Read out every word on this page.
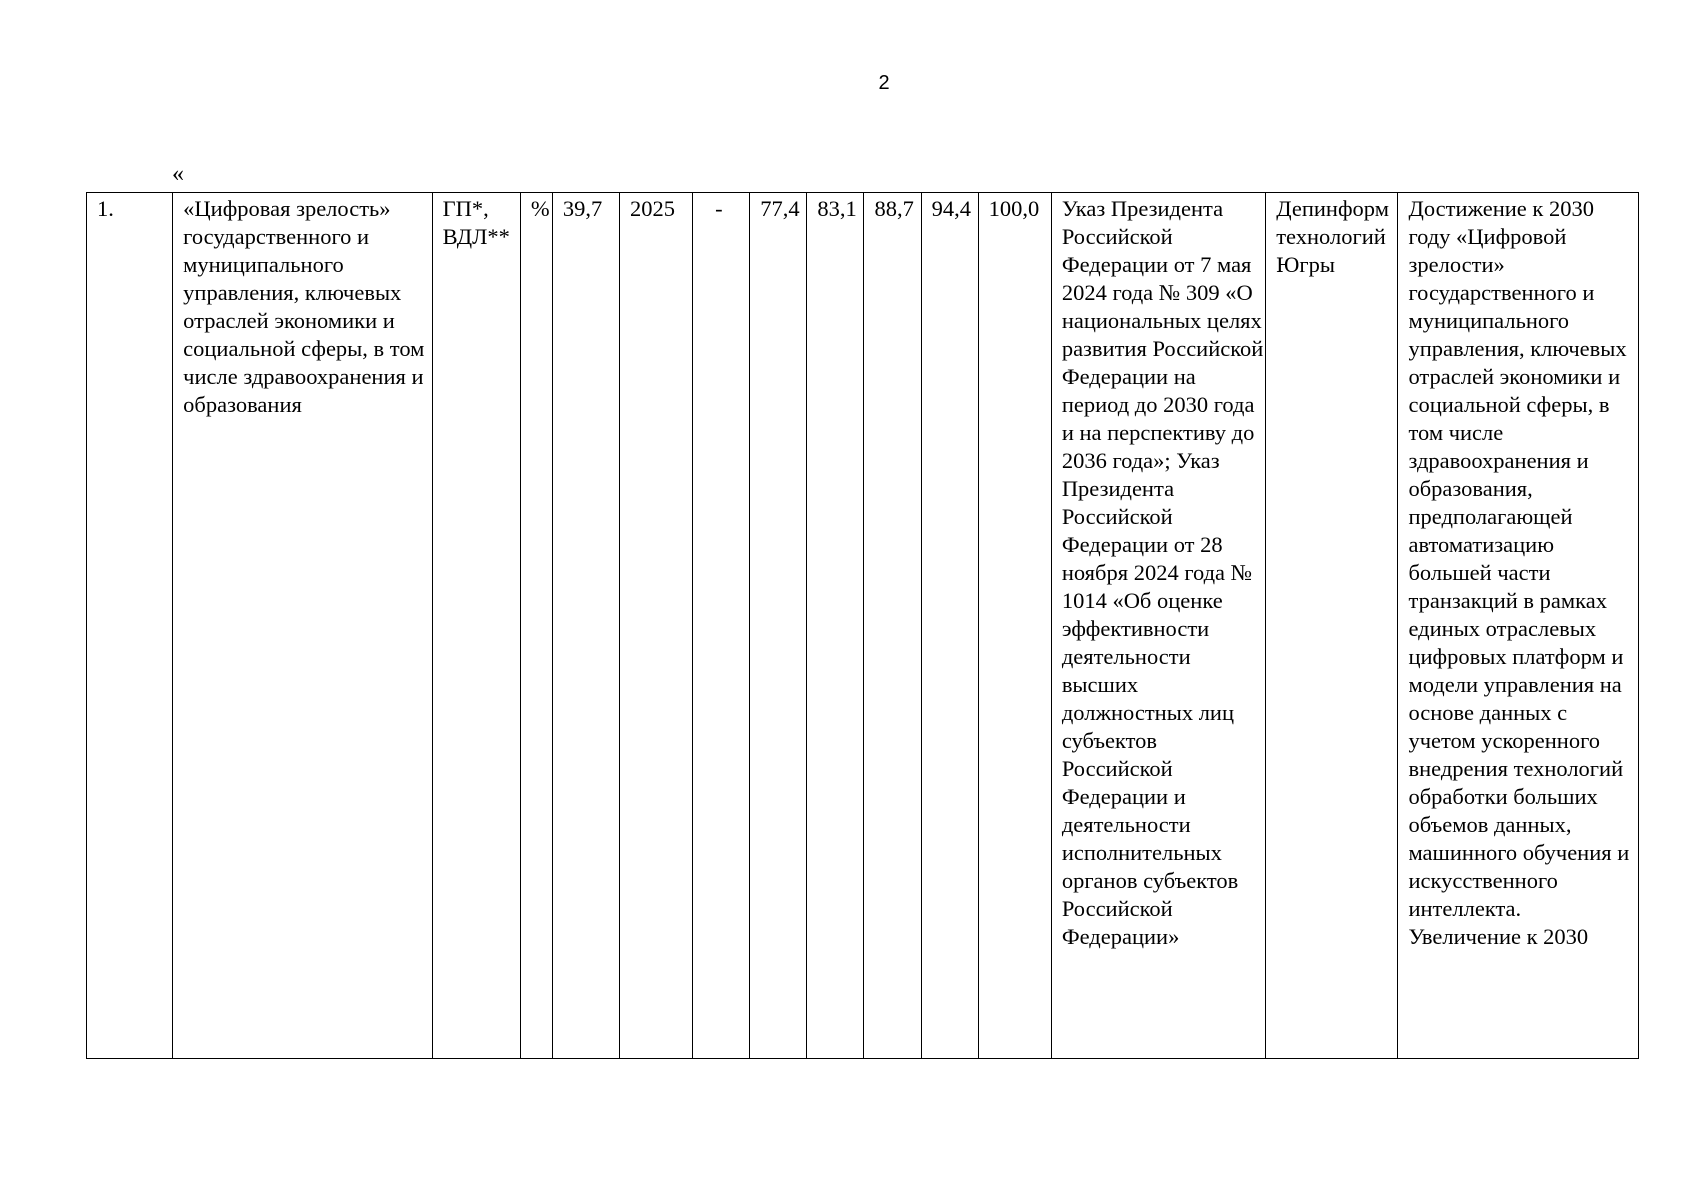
2
«
1.	«Цифровая зрелость» государственного и муниципального управления, ключевых отраслей экономики и социальной сферы, в том числе здравоохранения и образования	ГП*, ВДЛ**	%	39,7	2025	-	77,4	83,1	88,7	94,4	100,0	Указ Президента Российской Федерации от 7 мая 2024 года № 309 «О национальных целях развития Российской Федерации на период до 2030 года и на перспективу до 2036 года»; Указ Президента Российской Федерации от 28 ноября 2024 года № 1014 «Об оценке эффективности деятельности высших должностных лиц субъектов Российской Федерации и деятельности исполнительных органов субъектов Российской Федерации»	Депинформтехнологий Югры	Достижение к 2030 году «Цифровой зрелости» государственного и муниципального управления, ключевых отраслей экономики и социальной сферы, в том числе здравоохранения и образования, предполагающей автоматизацию большей части транзакций в рамках единых отраслевых цифровых платформ и модели управления на основе данных с учетом ускоренного внедрения технологий обработки больших объемов данных, машинного обучения и искусственного интеллекта. Увеличение к 2030
